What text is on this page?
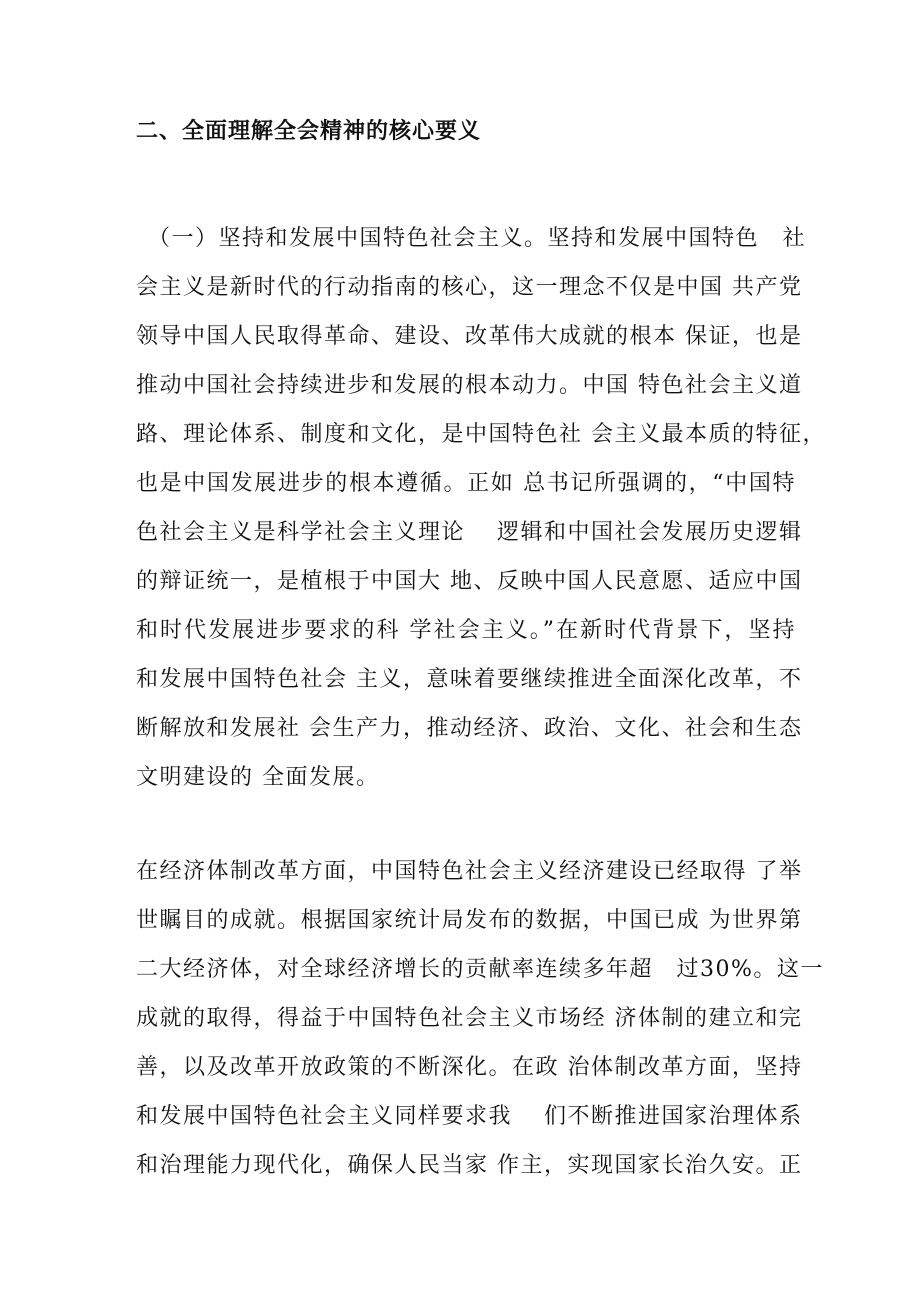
二、全面理解全会精神的核心要义
（一）坚持和发展中国特色社会主义。坚持和发展中国特色　社
会主义是新时代的行动指南的核心，这一理念不仅是中国 共产党
领导中国人民取得革命、建设、改革伟大成就的根本 保证，也是
推动中国社会持续进步和发展的根本动力。中国 特色社会主义道
路、理论体系、制度和文化，是中国特色社 会主义最本质的特征，
也是中国发展进步的根本遵循。正如 总书记所强调的，“中国特
色社会主义是科学社会主义理论　 逻辑和中国社会发展历史逻辑
的辩证统一，是植根于中国大 地、反映中国人民意愿、适应中国
和时代发展进步要求的科 学社会主义。”在新时代背景下，坚持
和发展中国特色社会 主义，意味着要继续推进全面深化改革，不
断解放和发展社 会生产力，推动经济、政治、文化、社会和生态
文明建设的 全面发展。
在经济体制改革方面，中国特色社会主义经济建设已经取得 了举
世瞩目的成就。根据国家统计局发布的数据，中国已成 为世界第
二大经济体，对全球经济增长的贡献率连续多年超　过30%。这一
成就的取得，得益于中国特色社会主义市场经 济体制的建立和完
善，以及改革开放政策的不断深化。在政 治体制改革方面，坚持
和发展中国特色社会主义同样要求我　 们不断推进国家治理体系
和治理能力现代化，确保人民当家 作主，实现国家长治久安。正
